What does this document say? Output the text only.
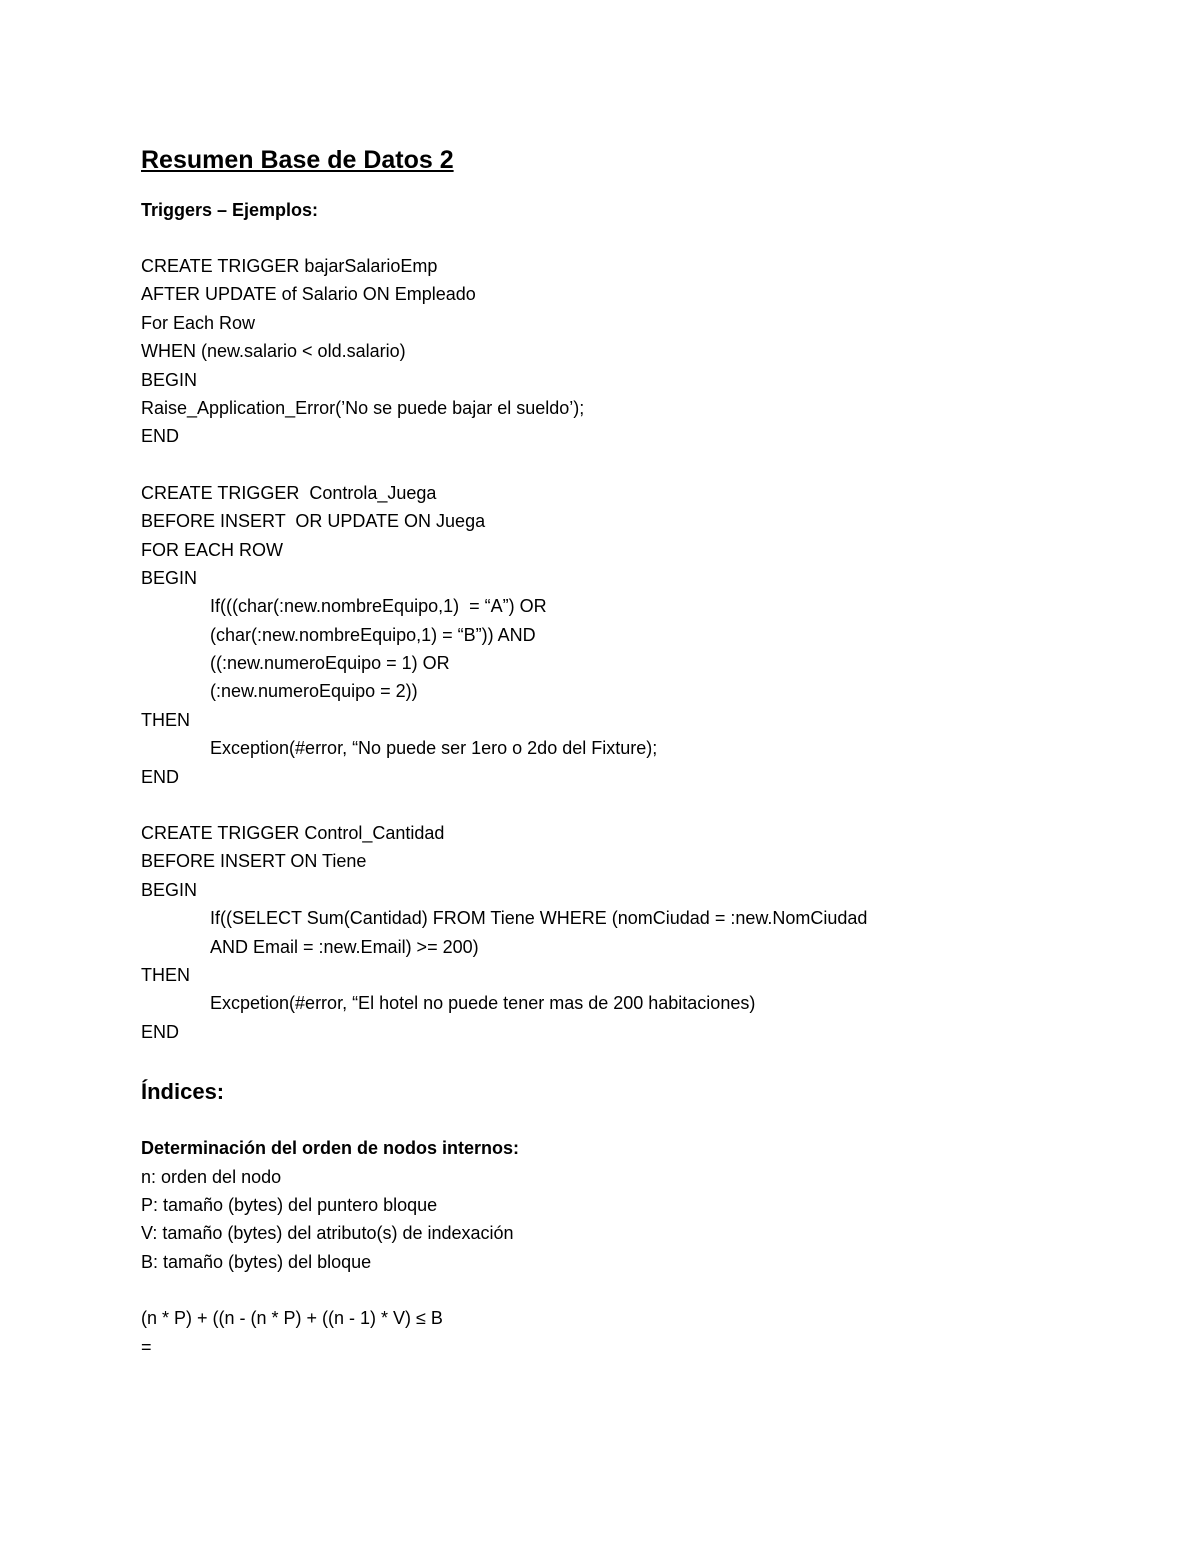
Resumen Base de Datos 2
Triggers – Ejemplos:
CREATE TRIGGER bajarSalarioEmp
AFTER UPDATE of Salario ON Empleado
For Each Row
WHEN (new.salario < old.salario)
BEGIN
Raise_Application_Error(’No se puede bajar el sueldo’);
END
CREATE TRIGGER  Controla_Juega
BEFORE INSERT  OR UPDATE ON Juega
FOR EACH ROW
BEGIN
If(((char(:new.nombreEquipo,1)  = “A”) OR
(char(:new.nombreEquipo,1) = “B”)) AND
((:new.numeroEquipo = 1) OR
(:new.numeroEquipo = 2))
THEN
Exception(#error, “No puede ser 1ero o 2do del Fixture);
END
CREATE TRIGGER Control_Cantidad
BEFORE INSERT ON Tiene
BEGIN
If((SELECT Sum(Cantidad) FROM Tiene WHERE (nomCiudad = :new.NomCiudad
AND Email = :new.Email) >= 200)
THEN
Excpetion(#error, “El hotel no puede tener mas de 200 habitaciones)
END
Índices:
Determinación del orden de nodos internos:
n: orden del nodo
P: tamaño (bytes) del puntero bloque
V: tamaño (bytes) del atributo(s) de indexación
B: tamaño (bytes) del bloque
(n * P) + ((n - (n * P) + ((n - 1) * V) ≤ B
=
